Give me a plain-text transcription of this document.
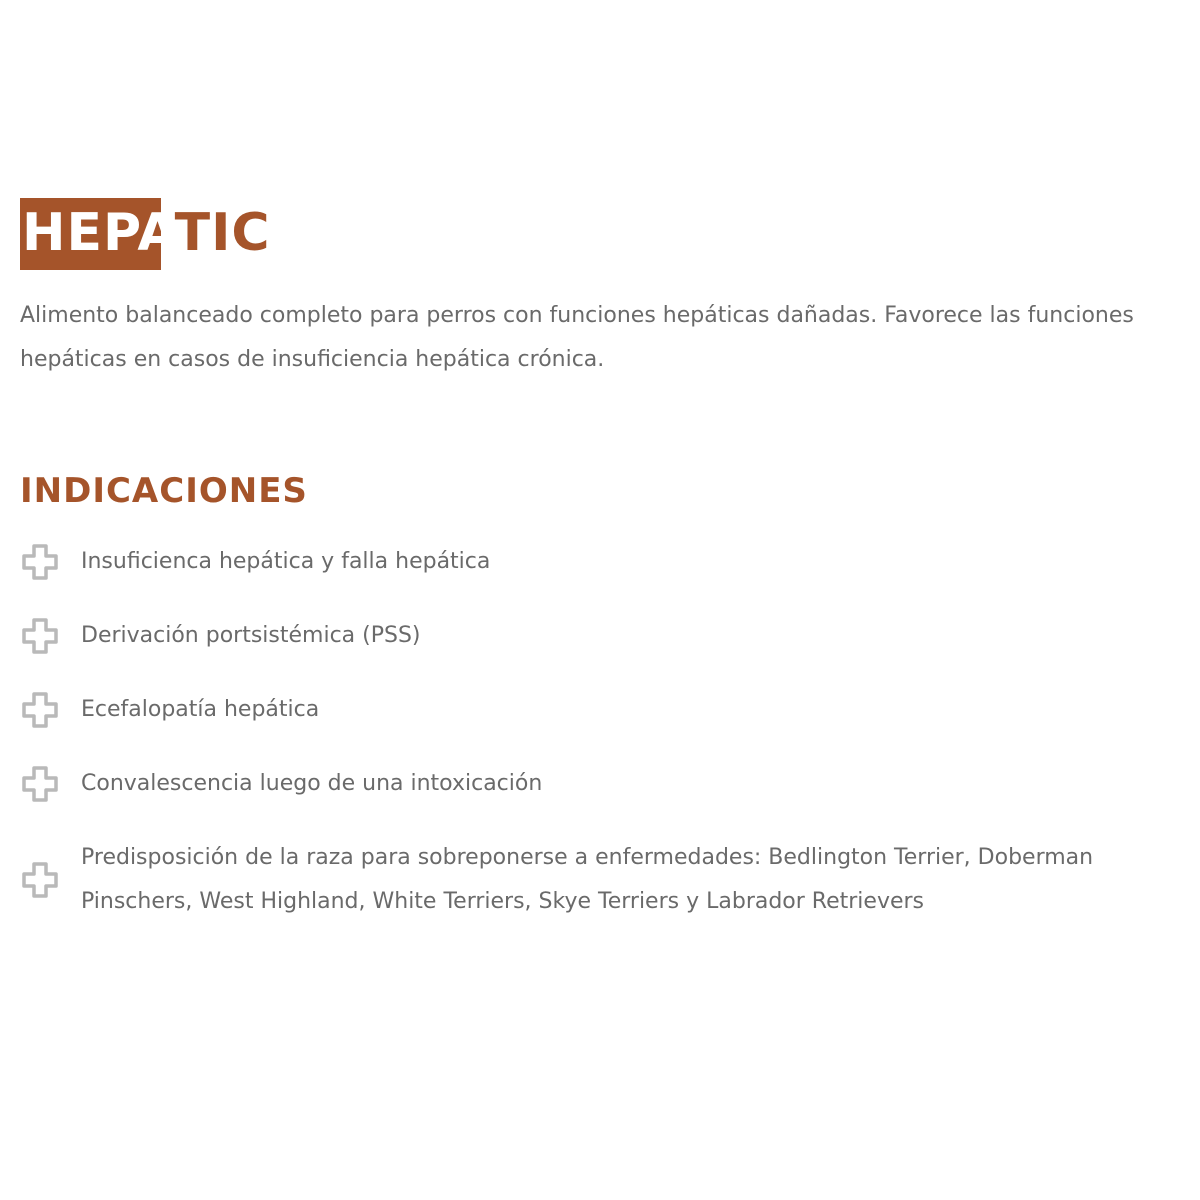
HEPATIC

Alimento balanceado completo para perros con funciones hepáticas dañadas. Favorece las funciones hepáticas en casos de insuficiencia hepática crónica.

INDICACIONES
Insuficienca hepática y falla hepática
Derivación portsistémica (PSS)
Ecefalopatía hepática
Convalescencia luego de una intoxicación
Predisposición de la raza para sobreponerse a enfermedades: Bedlington Terrier, Doberman Pinschers, West Highland, White Terriers, Skye Terriers y Labrador Retrievers
